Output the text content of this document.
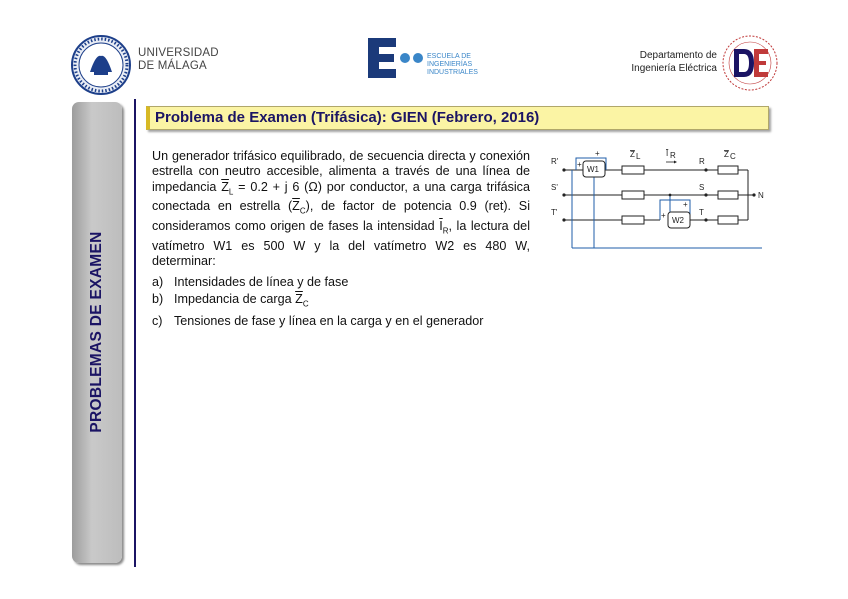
UNIVERSIDAD
DE MÁLAGA
ESCUELA DE
INGENIERÍAS
INDUSTRIALES
Departamento de
Ingeniería Eléctrica
PROBLEMAS DE EXAMEN
Problema de Examen (Trifásica): GIEN (Febrero, 2016)
Un generador trifásico equilibrado, de secuencia directa y conexión estrella con neutro accesible, alimenta a través de una línea de impedancia $\overline{Z}_L = 0.2 + j$ 6 (Ω) por conductor, a una carga trifásica conectada en estrella $(\overline{Z}_C)$, de factor de potencia 0.9 (ret). Si consideramos como origen de fases la intensidad $\overline{I}_R$, la lectura del vatímetro W1 es 500 W y la del vatímetro W2 es 480 W, determinar:
a) Intensidades de línea y de fase
b) Impedancia de carga $\overline{Z}_C$
c) Tensiones de fase y línea en la carga y en el generador
R'
S'
T'
R
S
T
N
W1
W2
+
+
+
+
Z L	I R	Z C
